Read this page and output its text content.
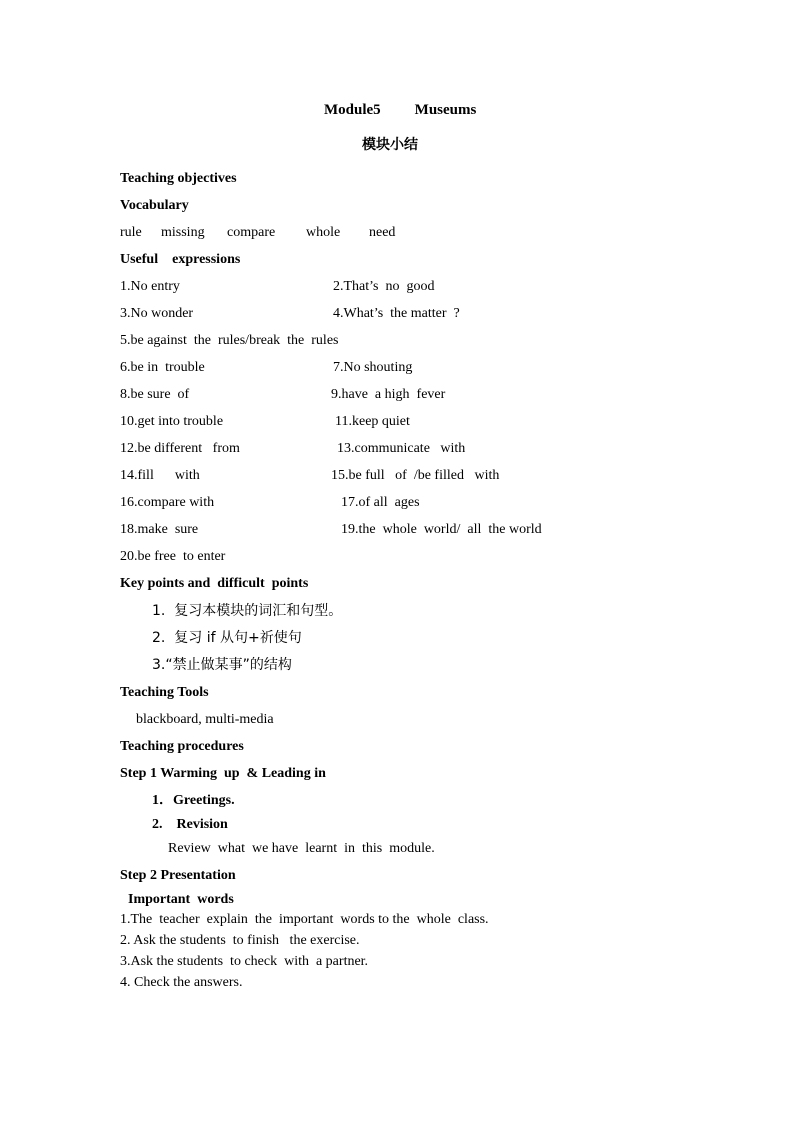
Module5 Museums
模块小结
Teaching objectives
Vocabulary
rule missing compare whole need
Useful    expressions
1.No entry	2.That’s  no  good
3.No wonder	4.What’s  the matter  ?
5.be against  the  rules/break  the  rules
6.be in  trouble	7.No shouting
8.be sure  of	9.have  a high  fever
10.get into trouble	11.keep quiet
12.be different   from	13.communicate   with
14.fill      with	15.be full   of  /be filled   with
16.compare with	17.of all  ages
18.make  sure	19.the  whole  world/  all  the world
20.be free  to enter
Key points and  difficult  points
1.  复习本模块的词汇和句型。
2.  复习 if 从句+祈使句
3.“禁止做某事”的结构
Teaching Tools
blackboard, multi-media
Teaching procedures
Step 1 Warming  up  & Leading in
1．Greetings.
2.    Revision
Review  what  we have  learnt  in  this  module.
Step 2 Presentation
Important  words
1.The  teacher  explain  the  important  words to the  whole  class.
2. Ask the students  to finish   the exercise.
3.Ask the students  to check  with  a partner.
4. Check the answers.
